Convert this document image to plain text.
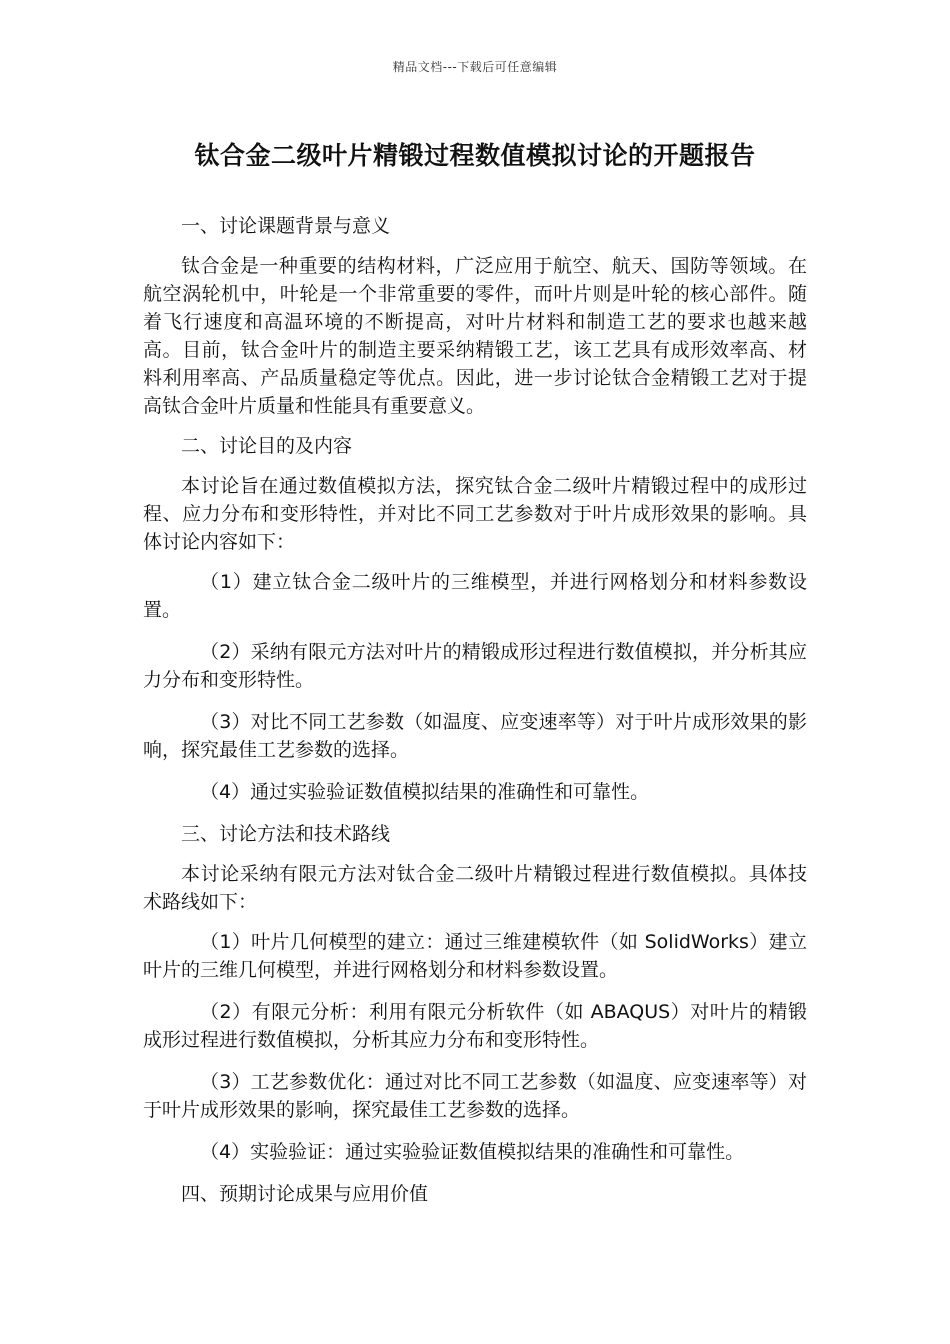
精品文档---下载后可任意编辑
钛合金二级叶片精锻过程数值模拟讨论的开题报告

一、讨论课题背景与意义

钛合金是一种重要的结构材料，广泛应用于航空、航天、国防等领域。在航空涡轮机中，叶轮是一个非常重要的零件，而叶片则是叶轮的核心部件。随着飞行速度和高温环境的不断提高，对叶片材料和制造工艺的要求也越来越高。目前，钛合金叶片的制造主要采纳精锻工艺，该工艺具有成形效率高、材料利用率高、产品质量稳定等优点。因此，进一步讨论钛合金精锻工艺对于提高钛合金叶片质量和性能具有重要意义。

二、讨论目的及内容

本讨论旨在通过数值模拟方法，探究钛合金二级叶片精锻过程中的成形过程、应力分布和变形特性，并对比不同工艺参数对于叶片成形效果的影响。具体讨论内容如下：

（1）建立钛合金二级叶片的三维模型，并进行网格划分和材料参数设置。

（2）采纳有限元方法对叶片的精锻成形过程进行数值模拟，并分析其应力分布和变形特性。

（3）对比不同工艺参数（如温度、应变速率等）对于叶片成形效果的影响，探究最佳工艺参数的选择。

（4）通过实验验证数值模拟结果的准确性和可靠性。

三、讨论方法和技术路线

本讨论采纳有限元方法对钛合金二级叶片精锻过程进行数值模拟。具体技术路线如下：

（1）叶片几何模型的建立：通过三维建模软件（如 SolidWorks）建立叶片的三维几何模型，并进行网格划分和材料参数设置。

（2）有限元分析：利用有限元分析软件（如 ABAQUS）对叶片的精锻成形过程进行数值模拟，分析其应力分布和变形特性。

（3）工艺参数优化：通过对比不同工艺参数（如温度、应变速率等）对于叶片成形效果的影响，探究最佳工艺参数的选择。

（4）实验验证：通过实验验证数值模拟结果的准确性和可靠性。

四、预期讨论成果与应用价值
